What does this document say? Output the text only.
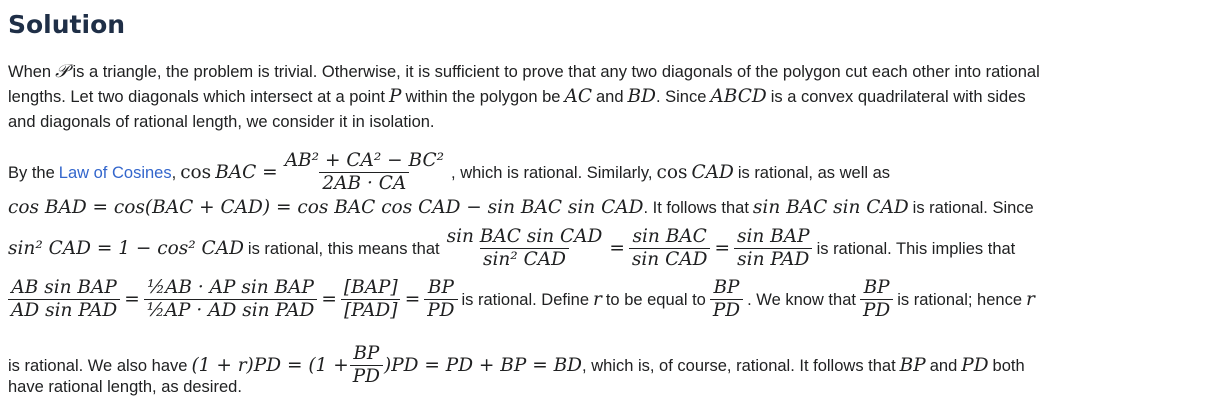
Solution
When 𝒫 is a triangle, the problem is trivial. Otherwise, it is sufficient to prove that any two diagonals of the polygon cut each other into rational
lengths. Let two diagonals which intersect at a point P within the polygon be AC and BD . Since ABCD is a convex quadrilateral with sides
and diagonals of rational length, we consider it in isolation.
By the Law of Cosines , cos BAC = $\frac{\text{AB² + CA² − BC²}}{2AB \cdot CA}$ , which is rational. Similarly, cos CAD is rational, as well as
cos BAD = cos(BAC + CAD) = cos BAC cos CAD − sin BAC sin CAD . It follows that sin BAC sin CAD is rational. Since
sin² CAD = 1 − cos² CAD is rational, this means that $\frac{\text{sin BAC sin CAD}}{\text{sin² CAD}} = \frac{\text{sin BAC}}{\text{sin CAD}} = \frac{\text{sin BAP}}{\text{sin PAD}}$ is rational. This implies that
$\frac{\text{AB sin BAP}}{\text{AD sin PAD}} = \frac{\text{½AB · AP sin BAP}}{\text{½AP · AD sin PAD}} = \frac{\text{[BAP]}}{\text{[PAD]}} = \frac{BP}{PD}$ is rational. Define r to be equal to $\frac{BP}{PD}$ . We know that $\frac{BP}{PD}$ is rational; hence r
is rational. We also have $(1 + r)PD = (1 + \frac{BP}{PD} )PD$ = PD + BP = BD , which is, of course, rational. It follows that BP and PD both
have rational length, as desired.
